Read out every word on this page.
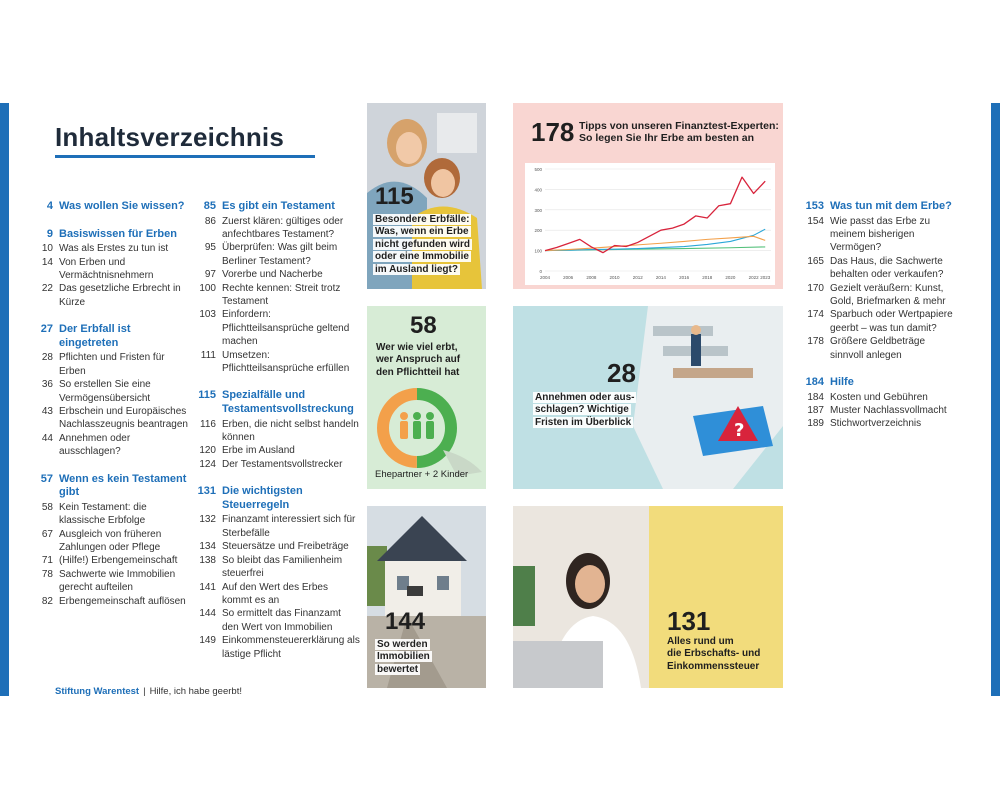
Inhaltsverzeichnis
4 Was wollen Sie wissen?
9 Basiswissen für Erben
10 Was als Erstes zu tun ist
14 Von Erben und Vermächtnisnehmern
22 Das gesetzliche Erbrecht in Kürze
27 Der Erbfall ist eingetreten
28 Pflichten und Fristen für Erben
36 So erstellen Sie eine Vermögensübersicht
43 Erbschein und Europäisches Nachlasszeugnis beantragen
44 Annehmen oder ausschlagen?
57 Wenn es kein Testament gibt
58 Kein Testament: die klassische Erbfolge
67 Ausgleich von früheren Zahlungen oder Pflege
71 (Hilfe!) Erbengemeinschaft
78 Sachwerte wie Immobilien gerecht aufteilen
82 Erbengemeinschaft auflösen
85 Es gibt ein Testament
86 Zuerst klären: gültiges oder anfechtbares Testament?
95 Überprüfen: Was gilt beim Berliner Testament?
97 Vorerbe und Nacherbe
100 Rechte kennen: Streit trotz Testament
103 Einfordern: Pflichtteilsansprüche geltend machen
111 Umsetzen: Pflichtteilsansprüche erfüllen
115 Spezialfälle und Testamentsvollstreckung
116 Erben, die nicht selbst handeln können
120 Erbe im Ausland
124 Der Testamentsvollstrecker
131 Die wichtigsten Steuerregeln
132 Finanzamt interessiert sich für Sterbefälle
134 Steuersätze und Freibeträge
138 So bleibt das Familienheim steuerfrei
141 Auf den Wert des Erbes kommt es an
144 So ermittelt das Finanzamt den Wert von Immobilien
149 Einkommensteuererklärung als lästige Pflicht
153 Was tun mit dem Erbe?
154 Wie passt das Erbe zu meinem bisherigen Vermögen?
165 Das Haus, die Sachwerte behalten oder verkaufen?
170 Gezielt veräußern: Kunst, Gold, Briefmarken & mehr
174 Sparbuch oder Wertpapiere geerbt – was tun damit?
178 Größere Geldbeträge sinnvoll anlegen
184 Hilfe
184 Kosten und Gebühren
187 Muster Nachlassvollmacht
189 Stichwortverzeichnis
Stiftung Warentest | Hilfe, ich habe geerbt!
115
Besondere Erbfälle:
Was, wenn ein Erbe
nicht gefunden wird
oder eine Immobilie
im Ausland liegt?
178 Tipps von unseren Finanztest-Experten:
So legen Sie Ihr Erbe am besten an
0
100
200
300
400
500
2004	2006	2008	2010	2012	2014	2016	2018	2020	2022 2023
58
Wer wie viel erbt,
wer Anspruch auf
den Pflichtteil hat
Ehepartner + 2 Kinder
?
28
Annehmen oder aus-
schlagen? Wichtige
Fristen im Überblick
144
So werden
Immobilien
bewertet
131
Alles rund um
die Erbschafts- und
Einkommenssteuer
